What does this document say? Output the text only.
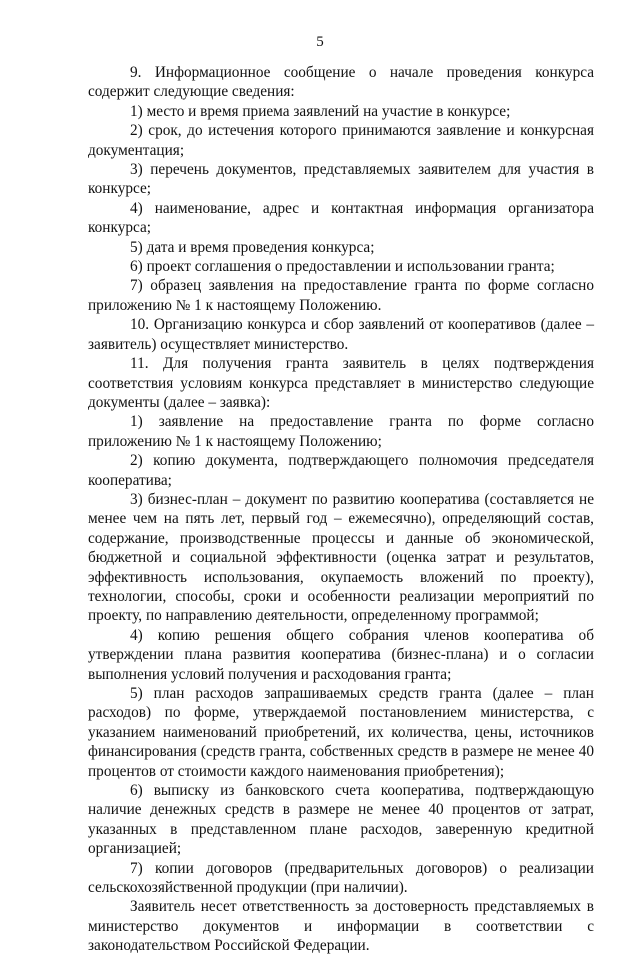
5

9. Информационное сообщение о начале проведения конкурса содержит следующие сведения:

1) место и время приема заявлений на участие в конкурсе;

2) срок, до истечения которого принимаются заявление и конкурсная документация;

3) перечень документов, представляемых заявителем для участия в конкурсе;

4) наименование, адрес и контактная информация организатора конкурса;

5) дата и время проведения конкурса;

6) проект соглашения о предоставлении и использовании гранта;

7) образец заявления на предоставление гранта по форме согласно приложению № 1 к настоящему Положению.

10. Организацию конкурса и сбор заявлений от кооперативов (далее – заявитель) осуществляет министерство.

11. Для получения гранта заявитель в целях подтверждения соответствия условиям конкурса представляет в министерство следующие документы (далее – заявка):

1) заявление на предоставление гранта по форме согласно приложению № 1 к настоящему Положению;

2) копию документа, подтверждающего полномочия председателя кооператива;

3) бизнес-план – документ по развитию кооператива (составляется не менее чем на пять лет, первый год – ежемесячно), определяющий состав, содержание, производственные процессы и данные об экономической, бюджетной и социальной эффективности (оценка затрат и результатов, эффективность использования, окупаемость вложений по проекту), технологии, способы, сроки и особенности реализации мероприятий по проекту, по направлению деятельности, определенному программой;

4) копию решения общего собрания членов кооператива об утверждении плана развития кооператива (бизнес-плана) и о согласии выполнения условий получения и расходования гранта;

5) план расходов запрашиваемых средств гранта (далее – план расходов) по форме, утверждаемой постановлением министерства, с указанием наименований приобретений, их количества, цены, источников финансирования (средств гранта, собственных средств в размере не менее 40 процентов от стоимости каждого наименования приобретения);

6) выписку из банковского счета кооператива, подтверждающую наличие денежных средств в размере не менее 40 процентов от затрат, указанных в представленном плане расходов, заверенную кредитной организацией;

7) копии договоров (предварительных договоров) о реализации сельскохозяйственной продукции (при наличии).

Заявитель несет ответственность за достоверность представляемых в министерство документов и информации в соответствии с законодательством Российской Федерации.
